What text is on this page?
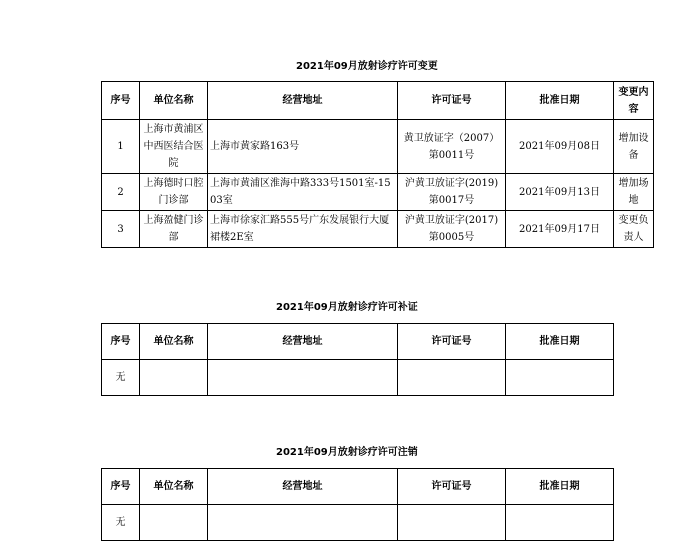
2021年09月放射诊疗许可变更
序号	单位名称	经营地址	许可证号	批准日期	变更内容
1	上海市黄浦区中西医结合医院	上海市黄家路163号	黄卫放证字（2007）第0011号	2021年09月08日	增加设备
2	上海德时口腔门诊部	上海市黄浦区淮海中路333号1501室-1503室	沪黄卫放证字(2019)第0017号	2021年09月13日	增加场地
3	上海盈健门诊部	上海市徐家汇路555号广东发展银行大厦裙楼2E室	沪黄卫放证字(2017)第0005号	2021年09月17日	变更负责人
2021年09月放射诊疗许可补证
序号	单位名称	经营地址	许可证号	批准日期
无				
2021年09月放射诊疗许可注销
序号	单位名称	经营地址	许可证号	批准日期
无				
